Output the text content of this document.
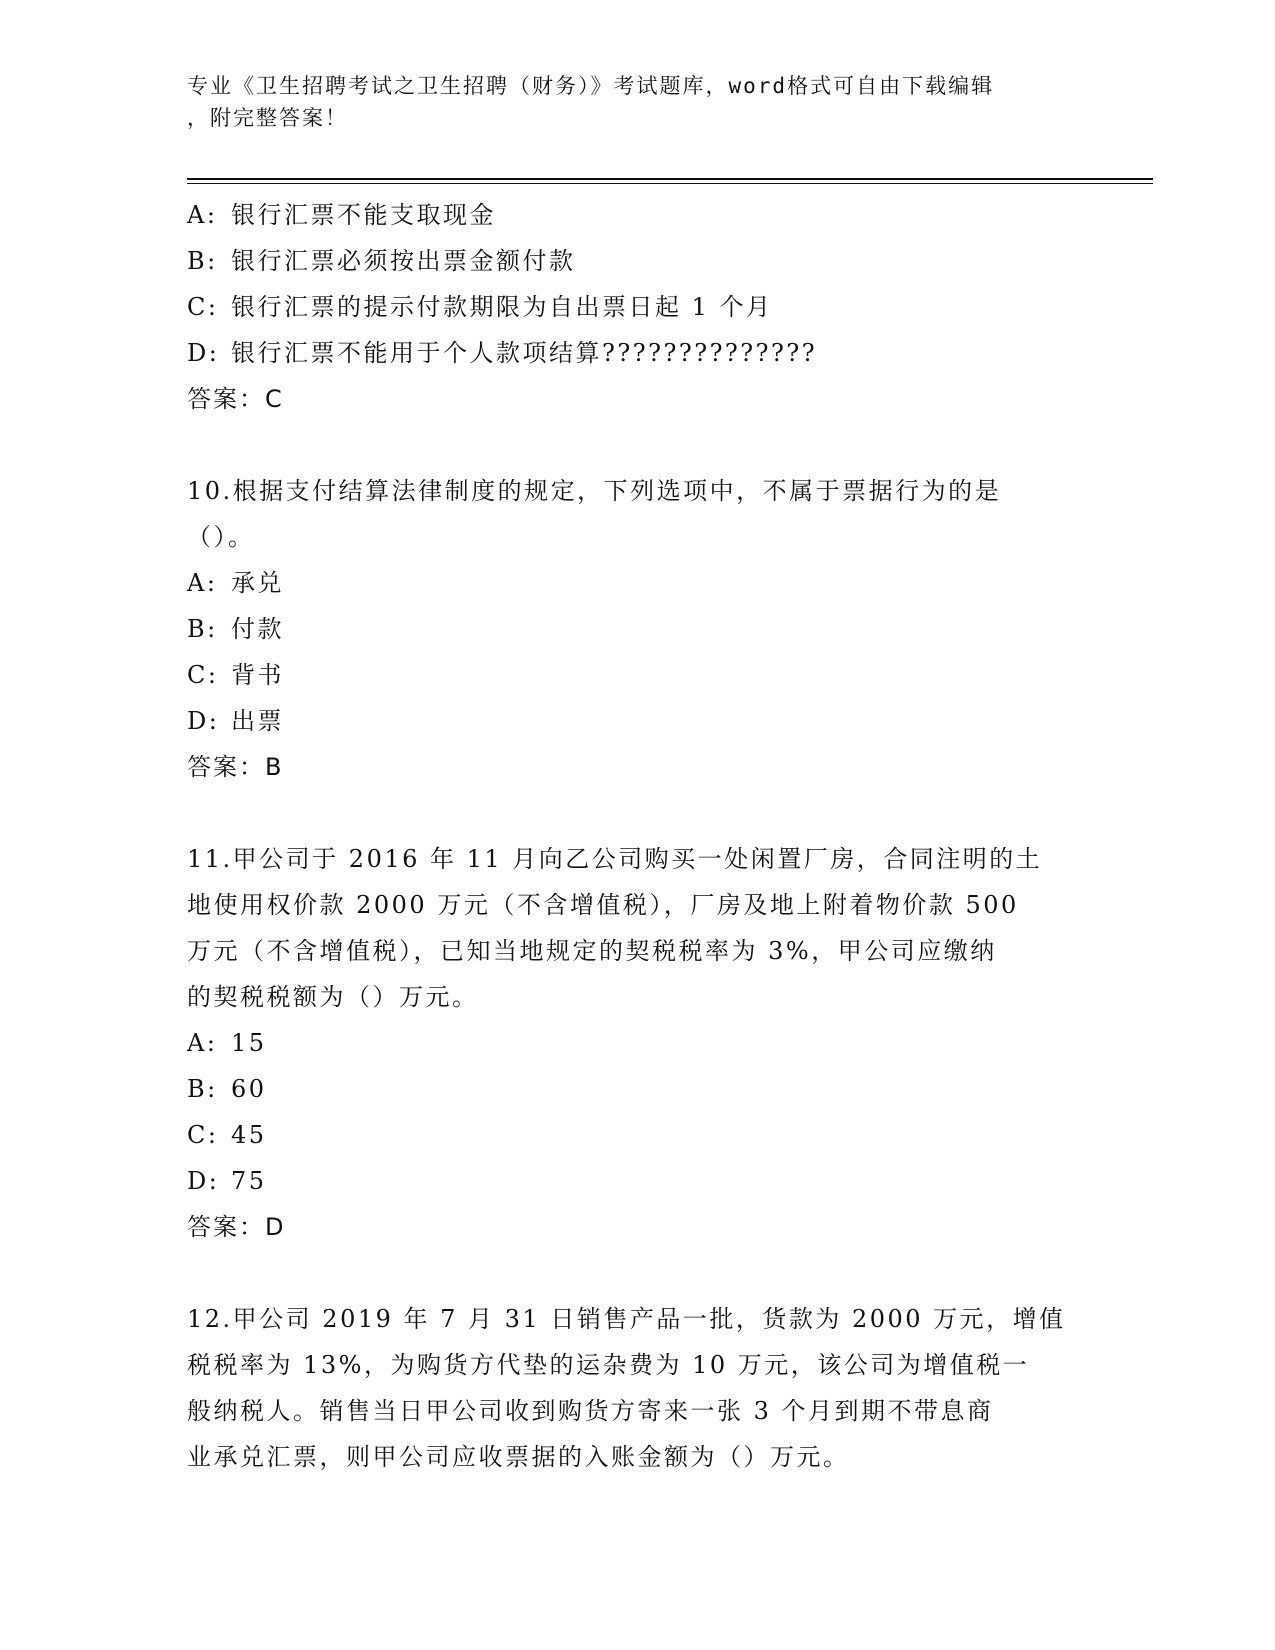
专业《卫生招聘考试之卫生招聘（财务）》考试题库，word格式可自由下载编辑
，附完整答案！
A: 银行汇票不能支取现金
B: 银行汇票必须按出票金额付款
C: 银行汇票的提示付款期限为自出票日起 1 个月
D: 银行汇票不能用于个人款项结算??????????????
答案：C
10.根据支付结算法律制度的规定，下列选项中，不属于票据行为的是
（）。
A: 承兑
B: 付款
C: 背书
D: 出票
答案：B
11.甲公司于 2016 年 11 月向乙公司购买一处闲置厂房，合同注明的土
地使用权价款 2000 万元（不含增值税），厂房及地上附着物价款 500
万元（不含增值税），已知当地规定的契税税率为 3%，甲公司应缴纳
的契税税额为（）万元。
A: 15
B: 60
C: 45
D: 75
答案：D
12.甲公司 2019 年 7 月 31 日销售产品一批，货款为 2000 万元，增值
税税率为 13%，为购货方代垫的运杂费为 10 万元，该公司为增值税一
般纳税人。销售当日甲公司收到购货方寄来一张 3 个月到期不带息商
业承兑汇票，则甲公司应收票据的入账金额为（）万元。
